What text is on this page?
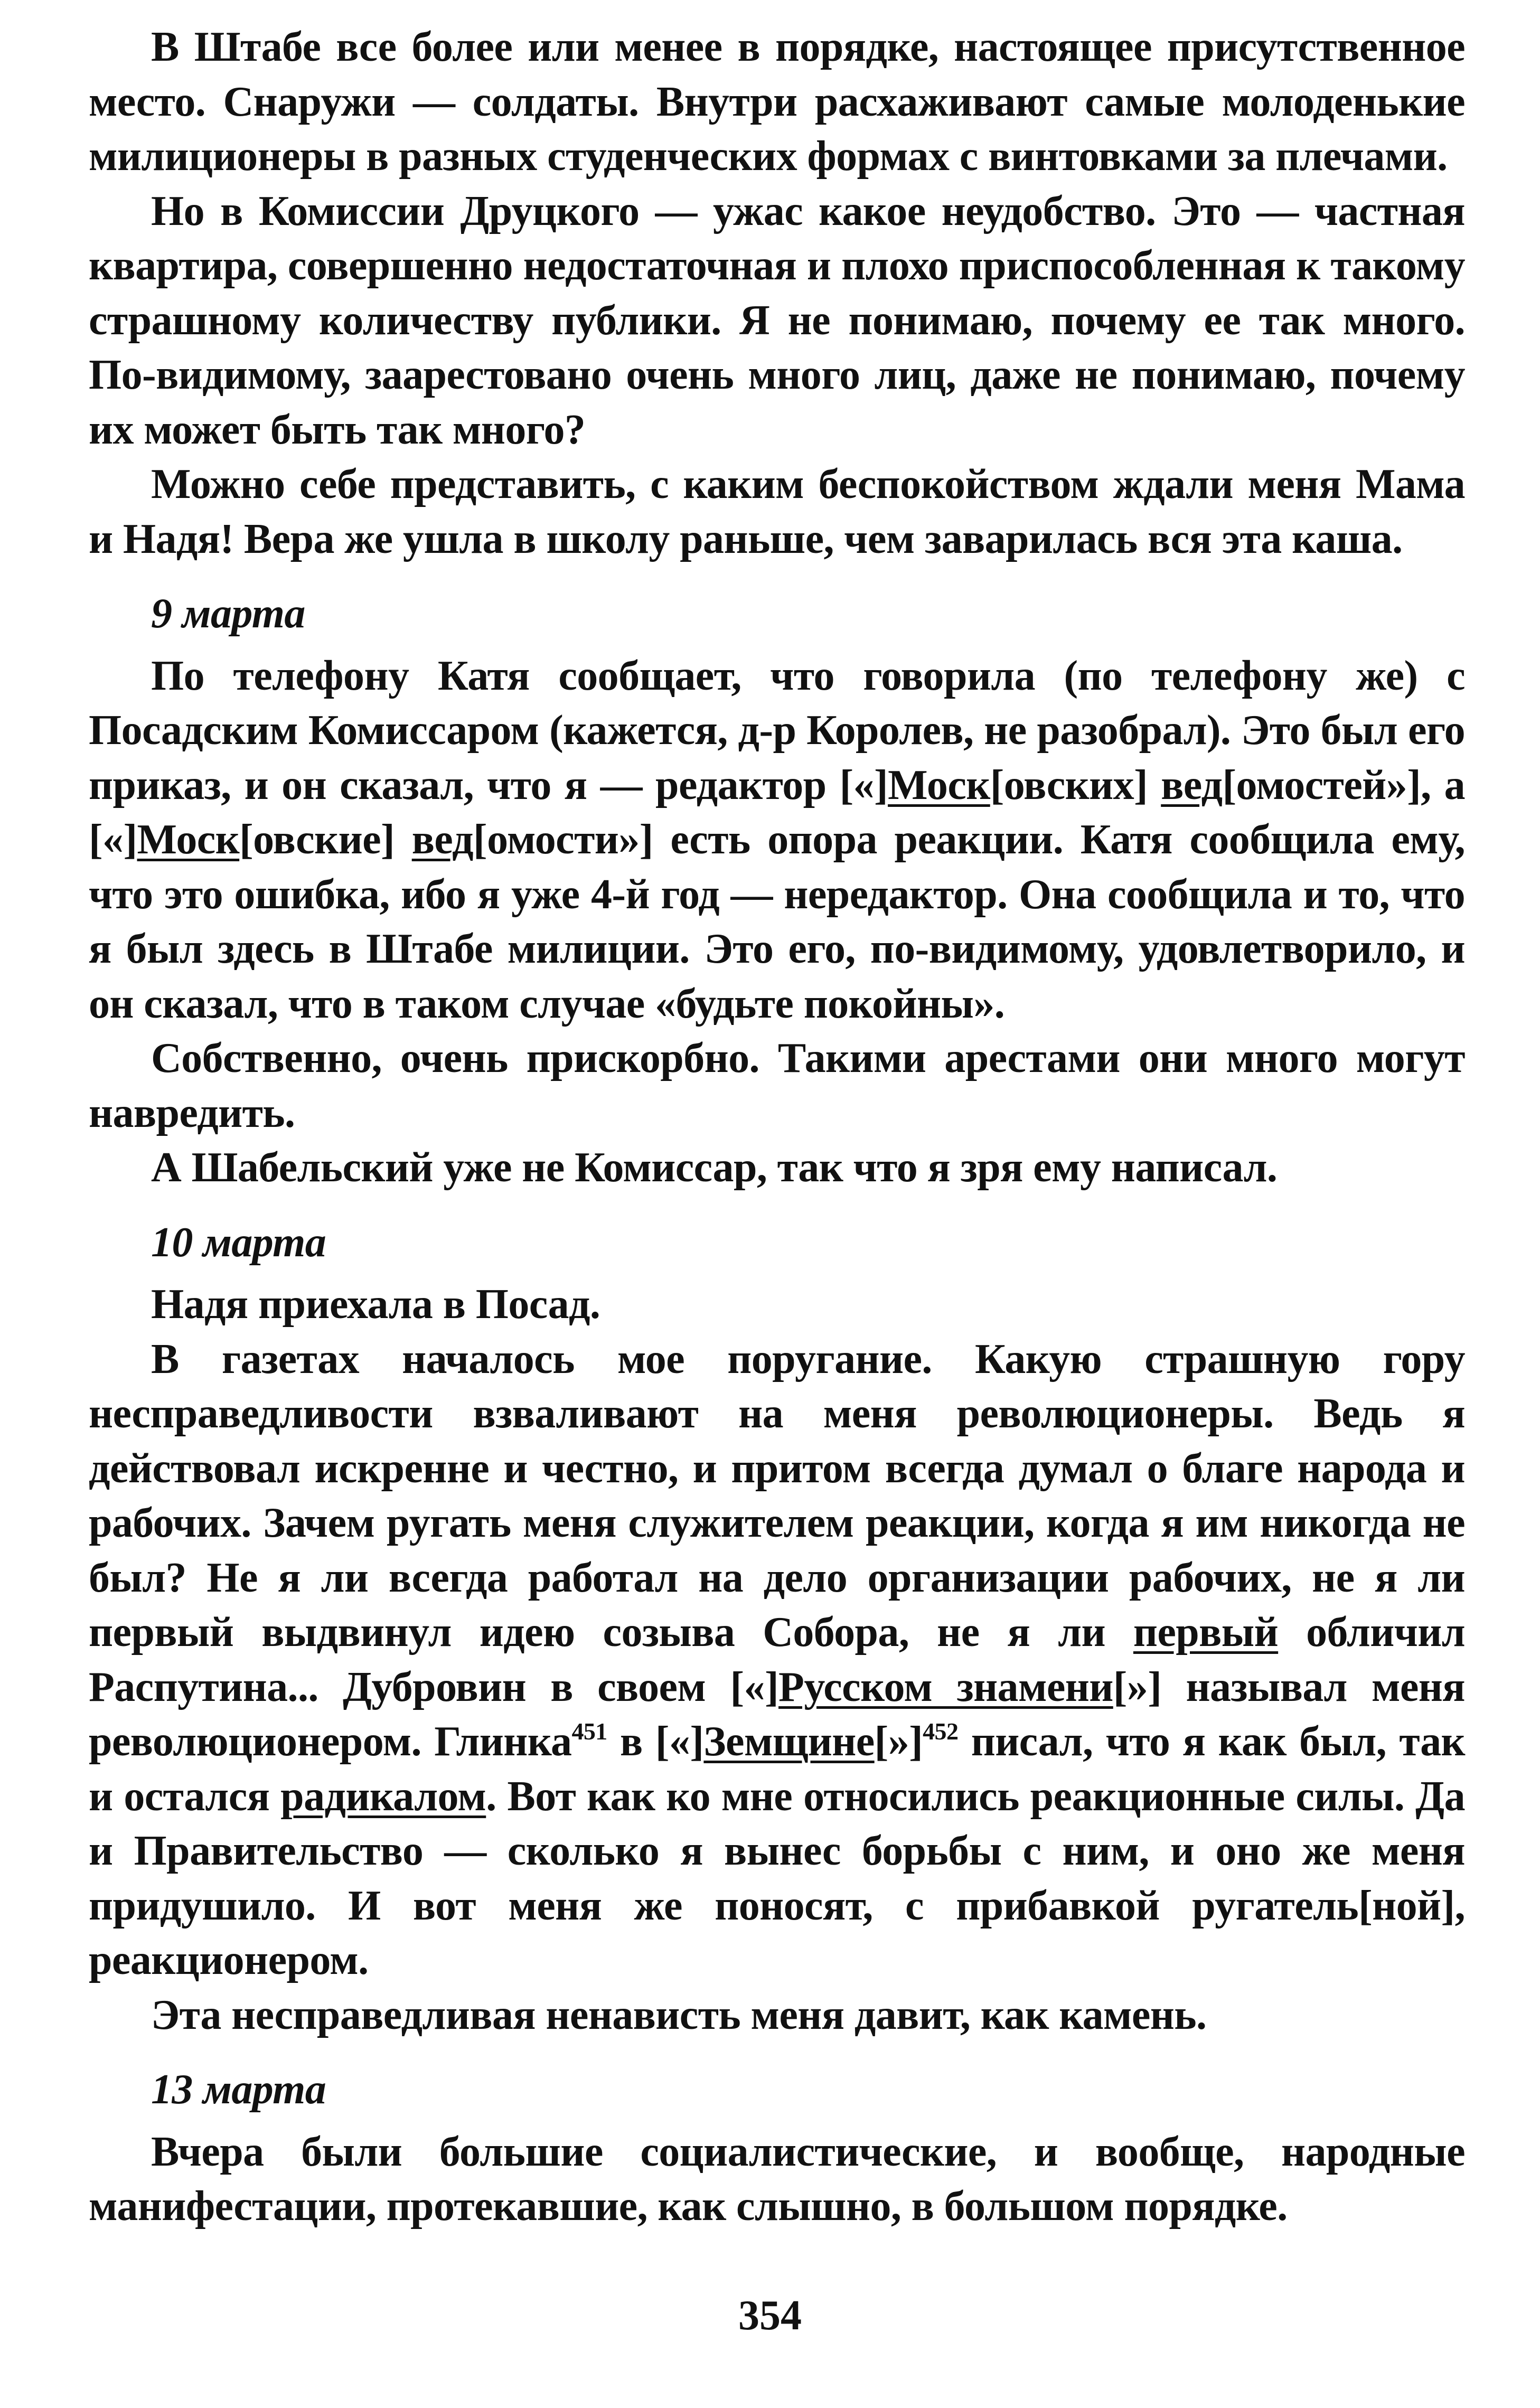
В Штабе все более или менее в порядке, настоящее присутственное место. Снаружи — солдаты. Внутри расхаживают самые молоденькие милиционеры в разных студенческих формах с винтовками за плечами.

Но в Комиссии Друцкого — ужас какое неудобство. Это — частная квартира, совершенно недостаточная и плохо приспособленная к такому страшному количеству публики. Я не понимаю, почему ее так много. По-видимому, заарестовано очень много лиц, даже не понимаю, почему их может быть так много?

Можно себе представить, с каким беспокойством ждали меня Мама и Надя! Вера же ушла в школу раньше, чем заварилась вся эта каша.

9 марта

По телефону Катя сообщает, что говорила (по телефону же) с Посадским Комиссаром (кажется, д-р Королев, не разобрал). Это был его приказ, и он сказал, что я — редактор [«]Моск[овских] вед[омостей»], а [«]Моск[овские] вед[омости»] есть опора реакции. Катя сообщила ему, что это ошибка, ибо я уже 4-й год — нередактор. Она сообщила и то, что я был здесь в Штабе милиции. Это его, по-видимому, удовлетворило, и он сказал, что в таком случае «будьте покойны».

Собственно, очень прискорбно. Такими арестами они много могут навредить.

А Шабельский уже не Комиссар, так что я зря ему написал.

10 марта

Надя приехала в Посад.

В газетах началось мое поругание. Какую страшную гору несправедливости взваливают на меня революционеры. Ведь я действовал искренне и честно, и притом всегда думал о благе народа и рабочих. Зачем ругать меня служителем реакции, когда я им никогда не был? Не я ли всегда работал на дело организации рабочих, не я ли первый выдвинул идею созыва Собора, не я ли первый обличил Распутина... Дубровин в своем [«]Русском знамени[»] называл меня революционером. Глинка$^{451}$ в [«]Земщине[»]$^{452}$ писал, что я как был, так и остался радикалом. Вот как ко мне относились реакционные силы. Да и Правительство — сколько я вынес борьбы с ним, и оно же меня придушило. И вот меня же поносят, с прибавкой ругатель[ной], реакционером.

Эта несправедливая ненависть меня давит, как камень.

13 марта

Вчера были большие социалистические, и вообще, народные манифестации, протекавшие, как слышно, в большом порядке.

354
